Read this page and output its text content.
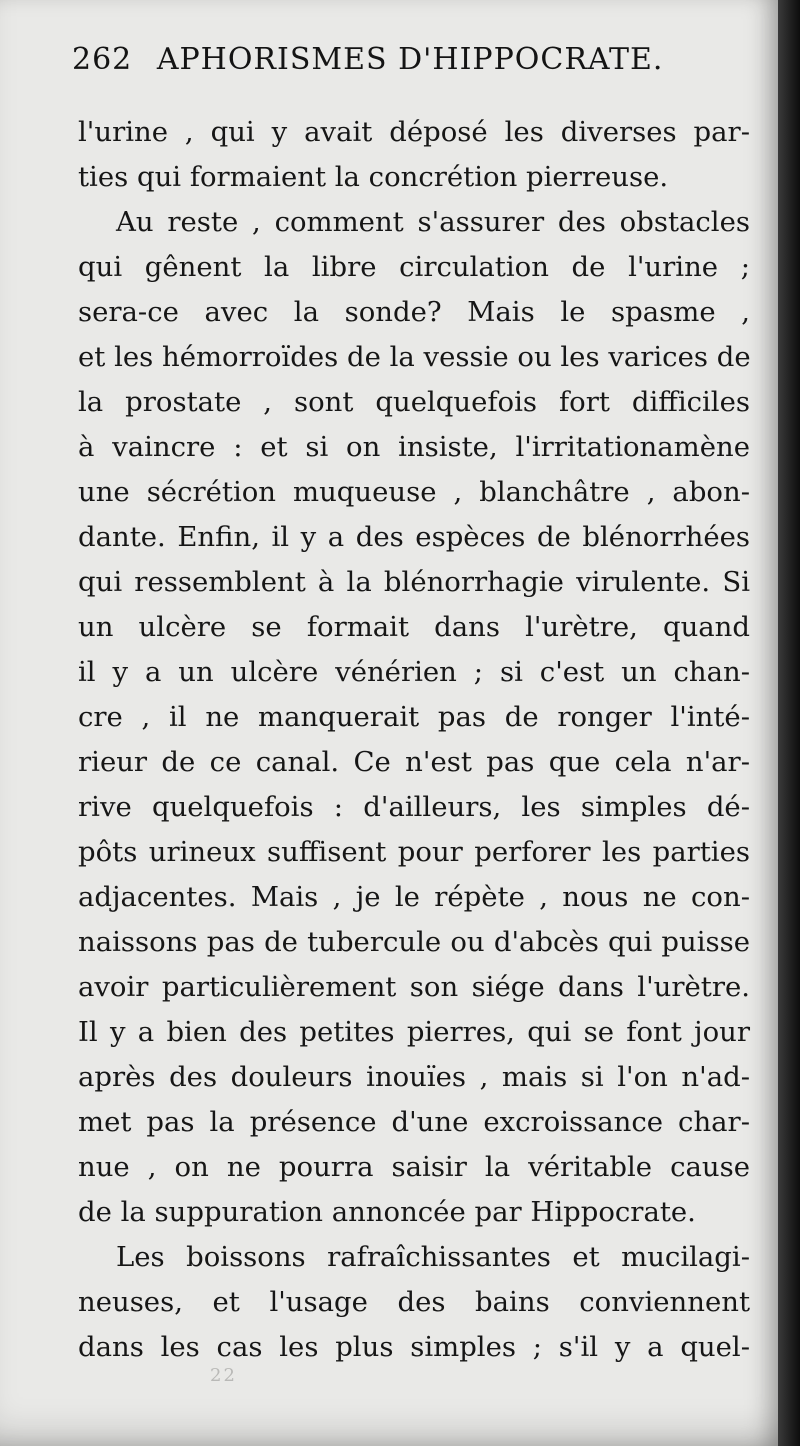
262 APHORISMES D'HIPPOCRATE.
l'urine , qui y avait déposé les diverses par-
ties qui formaient la concrétion pierreuse.
Au reste , comment s'assurer des obstacles
qui gênent la libre circulation de l'urine ;
sera-ce avec la sonde? Mais le spasme ,
et les hémorroïdes de la vessie ou les varices de
la prostate , sont quelquefois fort difficiles
à vaincre : et si on insiste, l'irritationamène
une sécrétion muqueuse , blanchâtre , abon-
dante. Enfin, il y a des espèces de blénorrhées
qui ressemblent à la blénorrhagie virulente. Si
un ulcère se formait dans l'urètre, quand
il y a un ulcère vénérien ; si c'est un chan-
cre , il ne manquerait pas de ronger l'inté-
rieur de ce canal. Ce n'est pas que cela n'ar-
rive quelquefois : d'ailleurs, les simples dé-
pôts urineux suffisent pour perforer les parties
adjacentes. Mais , je le répète , nous ne con-
naissons pas de tubercule ou d'abcès qui puisse
avoir particulièrement son siége dans l'urètre.
Il y a bien des petites pierres, qui se font jour
après des douleurs inouïes , mais si l'on n'ad-
met pas la présence d'une excroissance char-
nue , on ne pourra saisir la véritable cause
de la suppuration annoncée par Hippocrate.
Les boissons rafraîchissantes et mucilagi-
neuses, et l'usage des bains conviennent
dans les cas les plus simples ; s'il y a quel-
22
